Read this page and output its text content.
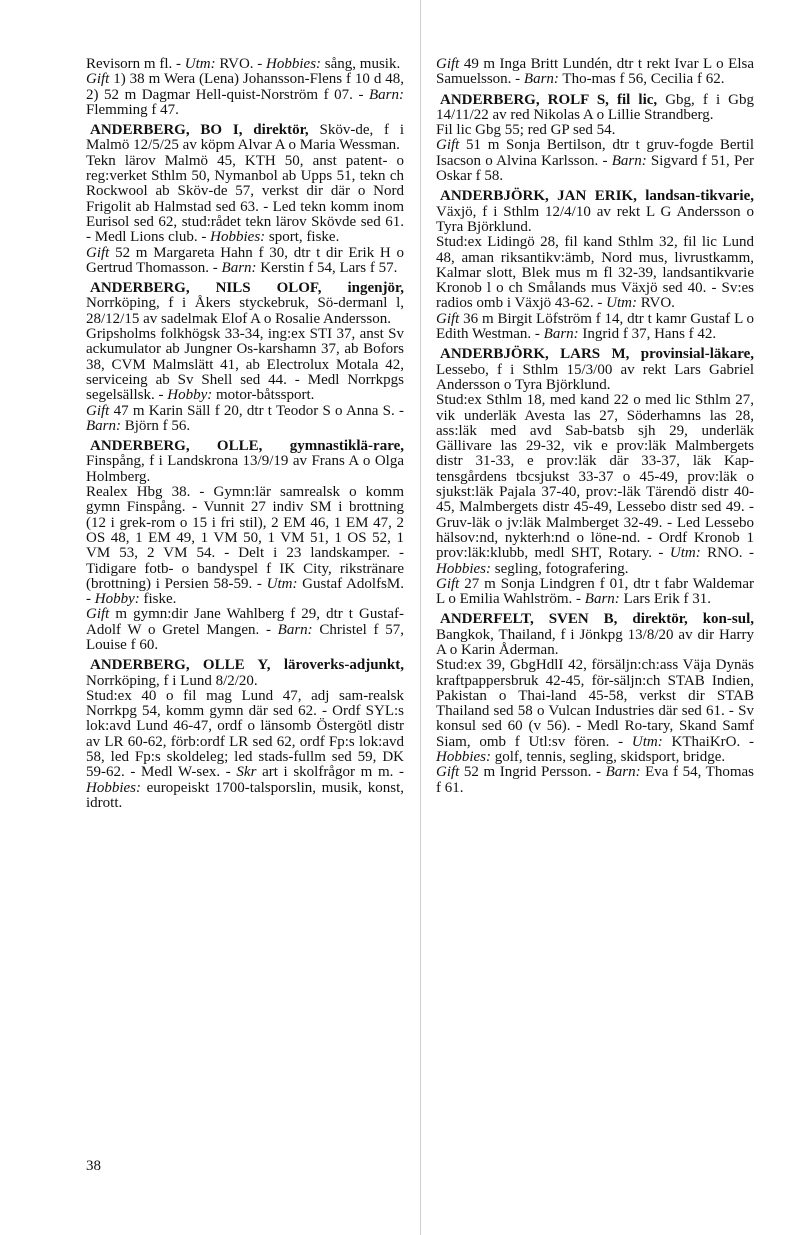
Revisorn m fl. - Utm: RVO. - Hobbies: sång, musik.

Gift 1) 38 m Wera (Lena) Johansson-Flens f 10 d 48, 2) 52 m Dagmar Hell-quist-Norström f 07. - Barn: Flemming f 47.

ANDERBERG, BO I, direktör, Sköv-de, f i Malmö 12/5/25 av köpm Alvar A o Maria Wessman.

Tekn lärov Malmö 45, KTH 50, anst patent- o reg:verket Sthlm 50, Nymanbol ab Upps 51, tekn ch Rockwool ab Sköv-de 57, verkst dir där o Nord Frigolit ab Halmstad sed 63. - Led tekn komm inom Eurisol sed 62, stud:rådet tekn lärov Skövde sed 61. - Medl Lions club. - Hobbies: sport, fiske.

Gift 52 m Margareta Hahn f 30, dtr t dir Erik H o Gertrud Thomasson. - Barn: Kerstin f 54, Lars f 57.

ANDERBERG, NILS OLOF, ingenjör, Norrköping, f i Åkers styckebruk, Sö-dermanl l, 28/12/15 av sadelmak Elof A o Rosalie Andersson.

Gripsholms folkhögsk 33-34, ing:ex STI 37, anst Sv ackumulator ab Jungner Os-karshamn 37, ab Bofors 38, CVM Malmslätt 41, ab Electrolux Motala 42, serviceing ab Sv Shell sed 44. - Medl Norrkpgs segelsällsk. - Hobby: motor-båtssport.

Gift 47 m Karin Säll f 20, dtr t Teodor S o Anna S. - Barn: Björn f 56.

ANDERBERG, OLLE, gymnastiklä-rare, Finspång, f i Landskrona 13/9/19 av Frans A o Olga Holmberg.

Realex Hbg 38. - Gymn:lär samrealsk o komm gymn Finspång. - Vunnit 27 indiv SM i brottning (12 i grek-rom o 15 i fri stil), 2 EM 46, 1 EM 47, 2 OS 48, 1 EM 49, 1 VM 50, 1 VM 51, 1 OS 52, 1 VM 53, 2 VM 54. - Delt i 23 landskamper. - Tidigare fotb- o bandyspel f IK City, rikstränare (brottning) i Persien 58-59. - Utm: Gustaf AdolfsM. - Hobby: fiske.

Gift m gymn:dir Jane Wahlberg f 29, dtr t Gustaf-Adolf W o Gretel Mangen. - Barn: Christel f 57, Louise f 60.

ANDERBERG, OLLE Y, läroverks-adjunkt, Norrköping, f i Lund 8/2/20.

Stud:ex 40 o fil mag Lund 47, adj sam-realsk Norrkpg 54, komm gymn där sed 62. - Ordf SYL:s lok:avd Lund 46-47, ordf o länsomb Östergötl distr av LR 60-62, förb:ordf LR sed 62, ordf Fp:s lok:avd 58, led Fp:s skoldeleg; led stads-fullm sed 59, DK 59-62. - Medl W-sex. - Skr art i skolfrågor m m. - Hobbies: europeiskt 1700-talsporslin, musik, konst, idrott.

Gift 49 m Inga Britt Lundén, dtr t rekt Ivar L o Elsa Samuelsson. - Barn: Tho-mas f 56, Cecilia f 62.

ANDERBERG, ROLF S, fil lic, Gbg, f i Gbg 14/11/22 av red Nikolas A o Lillie Strandberg.

Fil lic Gbg 55; red GP sed 54.

Gift 51 m Sonja Bertilson, dtr t gruv-fogde Bertil Isacson o Alvina Karlsson. - Barn: Sigvard f 51, Per Oskar f 58.

ANDERBJÖRK, JAN ERIK, landsan-tikvarie, Växjö, f i Sthlm 12/4/10 av rekt L G Andersson o Tyra Björklund.

Stud:ex Lidingö 28, fil kand Sthlm 32, fil lic Lund 48, aman riksantikv:ämb, Nord mus, livrustkamm, Kalmar slott, Blek mus m fl 32-39, landsantikvarie Kronob l o ch Smålands mus Växjö sed 40. - Sv:es radios omb i Växjö 43-62. - Utm: RVO.

Gift 36 m Birgit Löfström f 14, dtr t kamr Gustaf L o Edith Westman. - Barn: Ingrid f 37, Hans f 42.

ANDERBJÖRK, LARS M, provinsial-läkare, Lessebo, f i Sthlm 15/3/00 av rekt Lars Gabriel Andersson o Tyra Björklund.

Stud:ex Sthlm 18, med kand 22 o med lic Sthlm 27, vik underläk Avesta las 27, Söderhamns las 28, ass:läk med avd Sab-batsb sjh 29, underläk Gällivare las 29-32, vik e prov:läk Malmbergets distr 31-33, e prov:läk där 33-37, läk Kap-tensgårdens tbcsjukst 33-37 o 45-49, prov:läk o sjukst:läk Pajala 37-40, prov:-läk Tärendö distr 40-45, Malmbergets distr 45-49, Lessebo distr sed 49. - Gruv-läk o jv:läk Malmberget 32-49. - Led Lessebo hälsov:nd, nykterh:nd o löne-nd. - Ordf Kronob 1 prov:läk:klubb, medl SHT, Rotary. - Utm: RNO. - Hobbies: segling, fotografering.

Gift 27 m Sonja Lindgren f 01, dtr t fabr Waldemar L o Emilia Wahlström. - Barn: Lars Erik f 31.

ANDERFELT, SVEN B, direktör, kon-sul, Bangkok, Thailand, f i Jönkpg 13/8/20 av dir Harry A o Karin Åderman.

Stud:ex 39, GbgHdlI 42, försäljn:ch:ass Väja Dynäs kraftpappersbruk 42-45, för-säljn:ch STAB Indien, Pakistan o Thai-land 45-58, verkst dir STAB Thailand sed 58 o Vulcan Industries där sed 61. - Sv konsul sed 60 (v 56). - Medl Ro-tary, Skand Samf Siam, omb f Utl:sv fören. - Utm: KThaiKrO. - Hobbies: golf, tennis, segling, skidsport, bridge.

Gift 52 m Ingrid Persson. - Barn: Eva f 54, Thomas f 61.

38
